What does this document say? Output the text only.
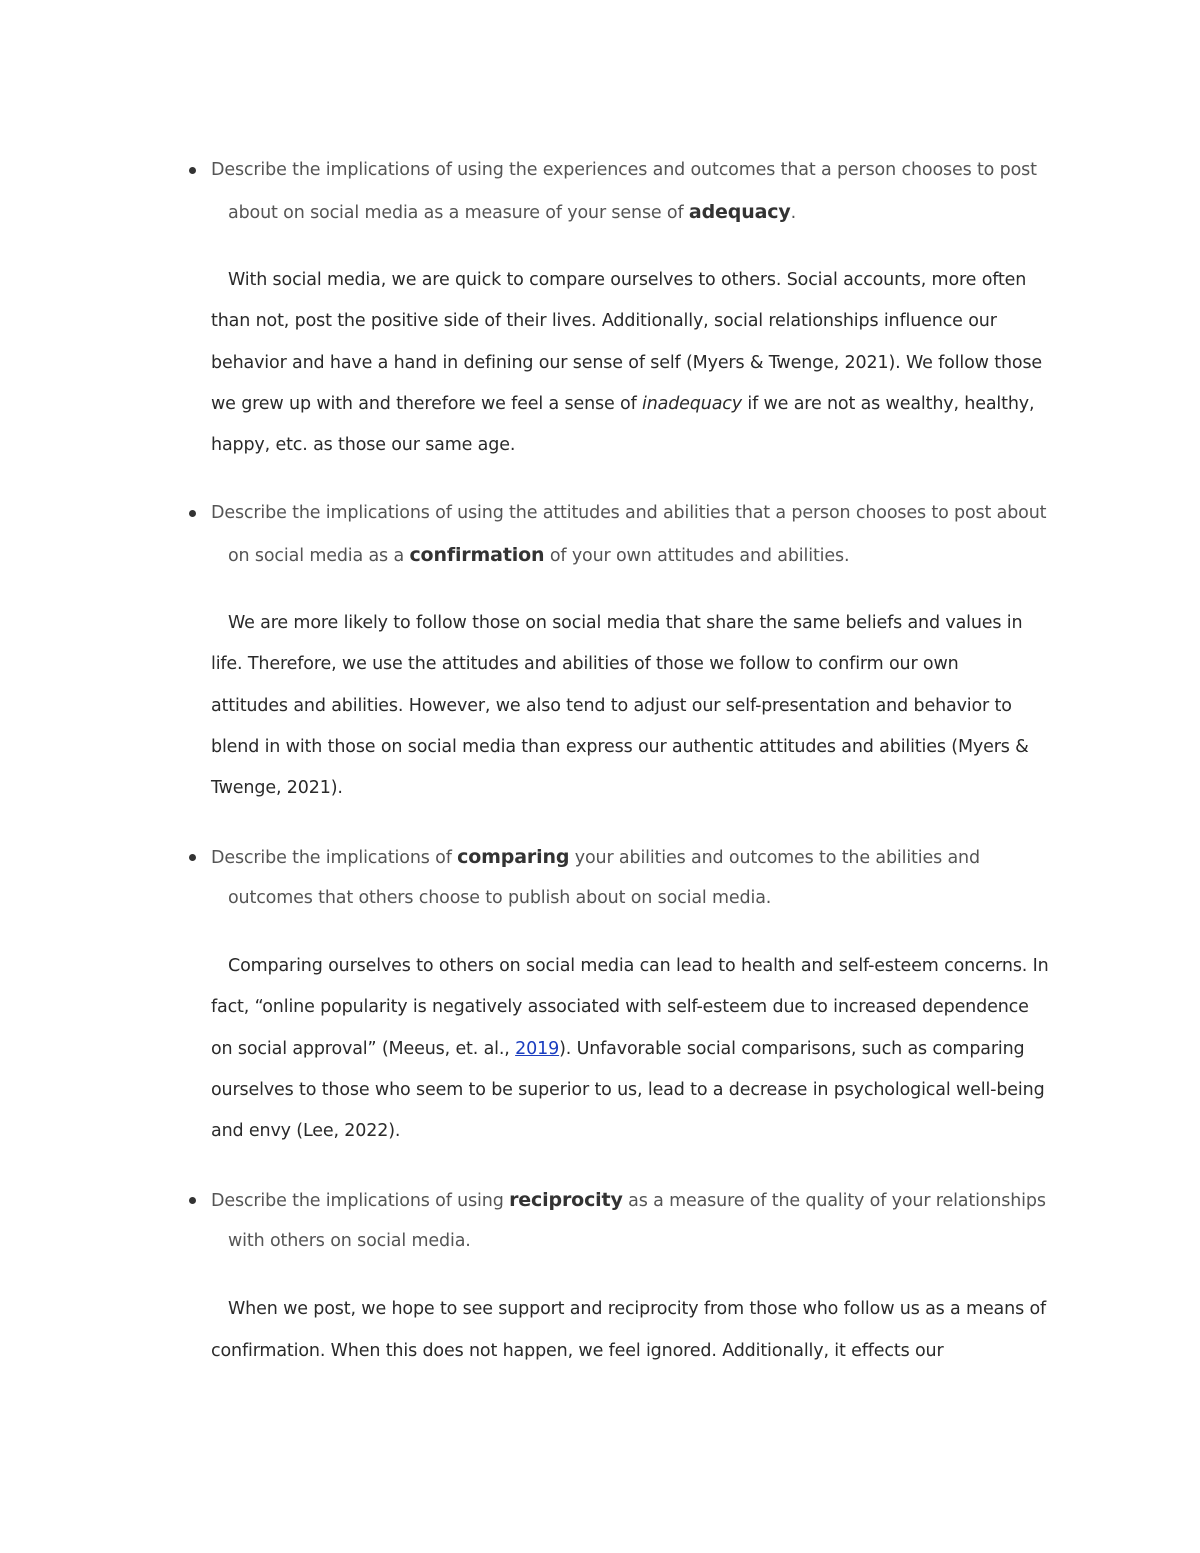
Describe the implications of using the experiences and outcomes that a person chooses to post
about on social media as a measure of your sense of adequacy.
With social media, we are quick to compare ourselves to others. Social accounts, more often
than not, post the positive side of their lives. Additionally, social relationships influence our
behavior and have a hand in defining our sense of self (Myers & Twenge, 2021). We follow those
we grew up with and therefore we feel a sense of inadequacy if we are not as wealthy, healthy,
happy, etc. as those our same age.
Describe the implications of using the attitudes and abilities that a person chooses to post about
on social media as a confirmation of your own attitudes and abilities.
We are more likely to follow those on social media that share the same beliefs and values in
life. Therefore, we use the attitudes and abilities of those we follow to confirm our own
attitudes and abilities. However, we also tend to adjust our self-presentation and behavior to
blend in with those on social media than express our authentic attitudes and abilities (Myers &
Twenge, 2021).
Describe the implications of comparing your abilities and outcomes to the abilities and
outcomes that others choose to publish about on social media.
Comparing ourselves to others on social media can lead to health and self-esteem concerns. In
fact, “online popularity is negatively associated with self-esteem due to increased dependence
on social approval” (Meeus, et. al., 2019). Unfavorable social comparisons, such as comparing
ourselves to those who seem to be superior to us, lead to a decrease in psychological well-being
and envy (Lee, 2022).
Describe the implications of using reciprocity as a measure of the quality of your relationships
with others on social media.
When we post, we hope to see support and reciprocity from those who follow us as a means of
confirmation. When this does not happen, we feel ignored. Additionally, it effects our
